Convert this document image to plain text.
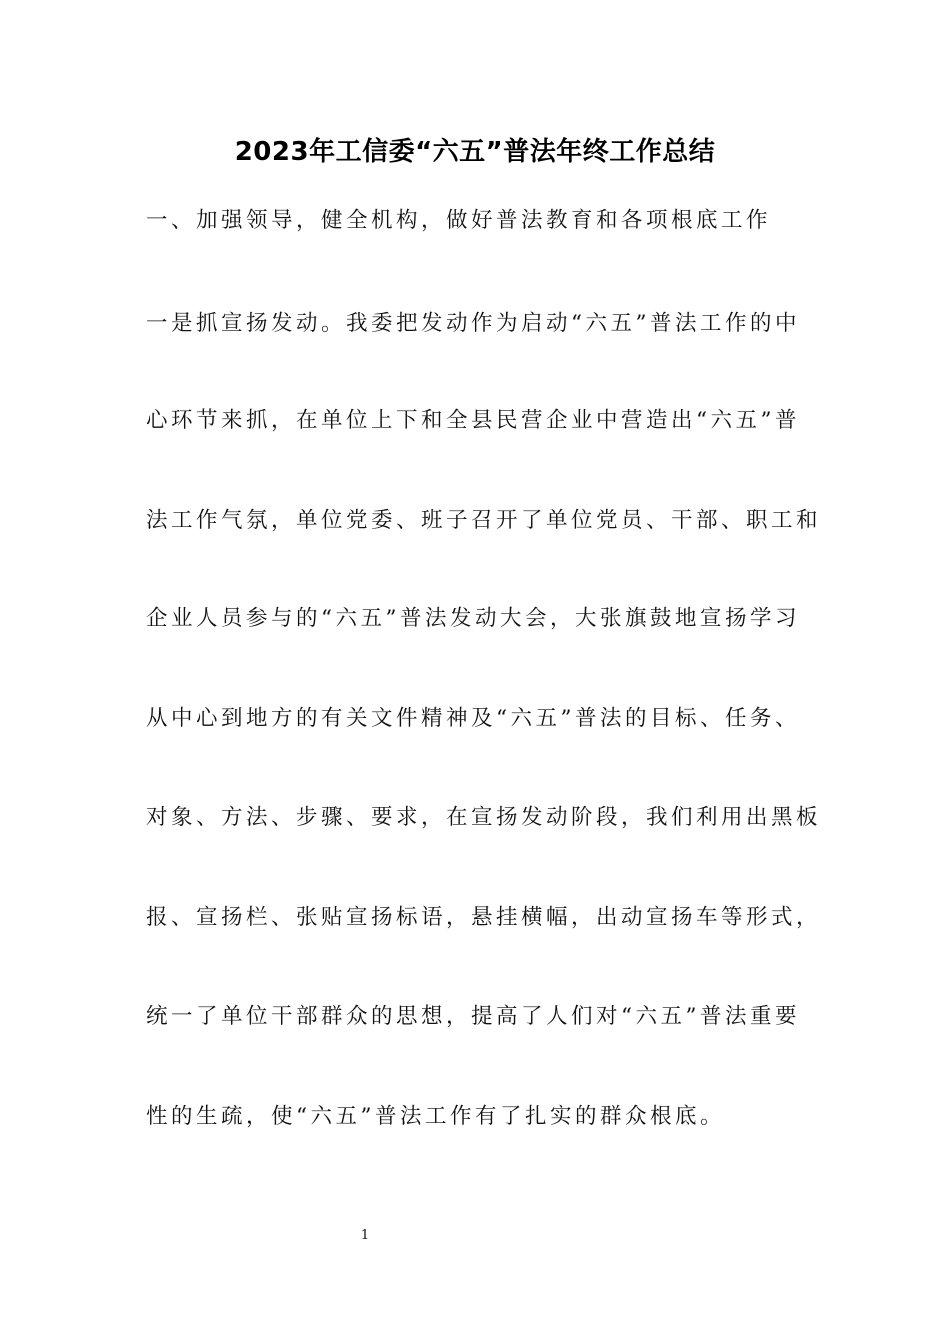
2023年工信委“六五”普法年终工作总结
一、加强领导，健全机构，做好普法教育和各项根底工作
一是抓宣扬发动。我委把发动作为启动“六五”普法工作的中
心环节来抓，在单位上下和全县民营企业中营造出“六五”普
法工作气氛，单位党委、班子召开了单位党员、干部、职工和
企业人员参与的“六五”普法发动大会，大张旗鼓地宣扬学习
从中心到地方的有关文件精神及“六五”普法的目标、任务、
对象、方法、步骤、要求，在宣扬发动阶段，我们利用出黑板
报、宣扬栏、张贴宣扬标语，悬挂横幅，出动宣扬车等形式，
统一了单位干部群众的思想，提高了人们对“六五”普法重要
性的生疏，使“六五”普法工作有了扎实的群众根底。
1
